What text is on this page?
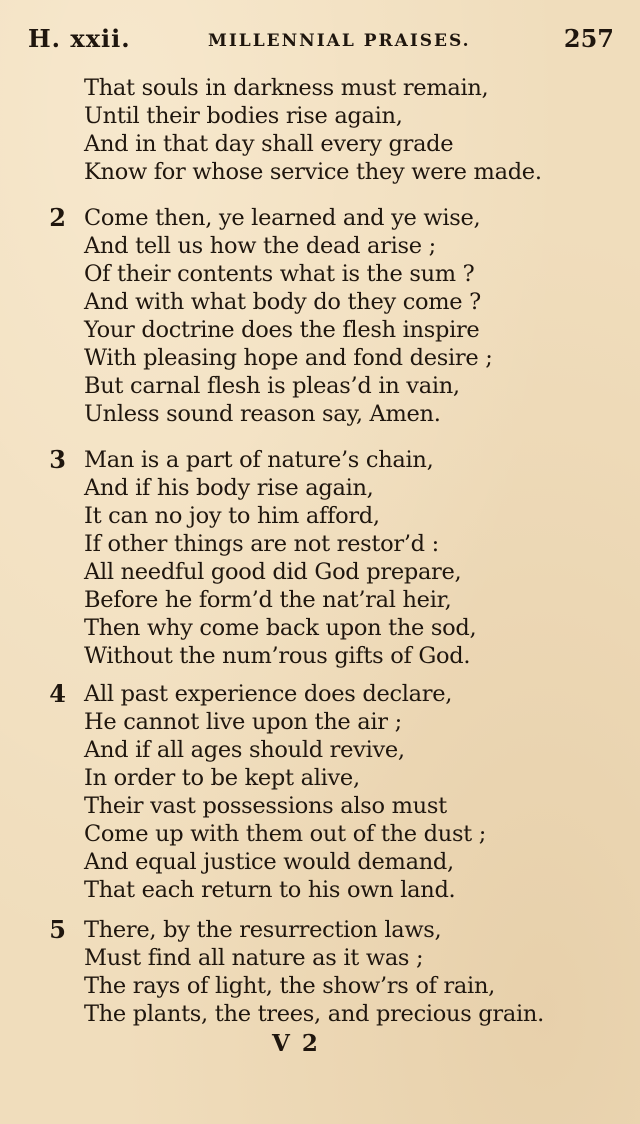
H. xxii.	MILLENNIAL PRAISES.	257
That souls in darkness must remain,
Until their bodies rise again,
And in that day shall every grade
Know for whose service they were made.
2 Come then, ye learned and ye wise,
And tell us how the dead arise ;
Of their contents what is the sum ?
And with what body do they come ?
Your doctrine does the flesh inspire
With pleasing hope and fond desire ;
But carnal flesh is pleas’d in vain,
Unless sound reason say, Amen.
3 Man is a part of nature’s chain,
And if his body rise again,
It can no joy to him afford,
If other things are not restor’d :
All needful good did God prepare,
Before he form’d the nat’ral heir,
Then why come back upon the sod,
Without the num’rous gifts of God.
4 All past experience does declare,
He cannot live upon the air ;
And if all ages should revive,
In order to be kept alive,
Their vast possessions also must
Come up with them out of the dust ;
And equal justice would demand,
That each return to his own land.
5 There, by the resurrection laws,
Must find all nature as it was ;
The rays of light, the show’rs of rain,
The plants, the trees, and precious grain.
V 2
